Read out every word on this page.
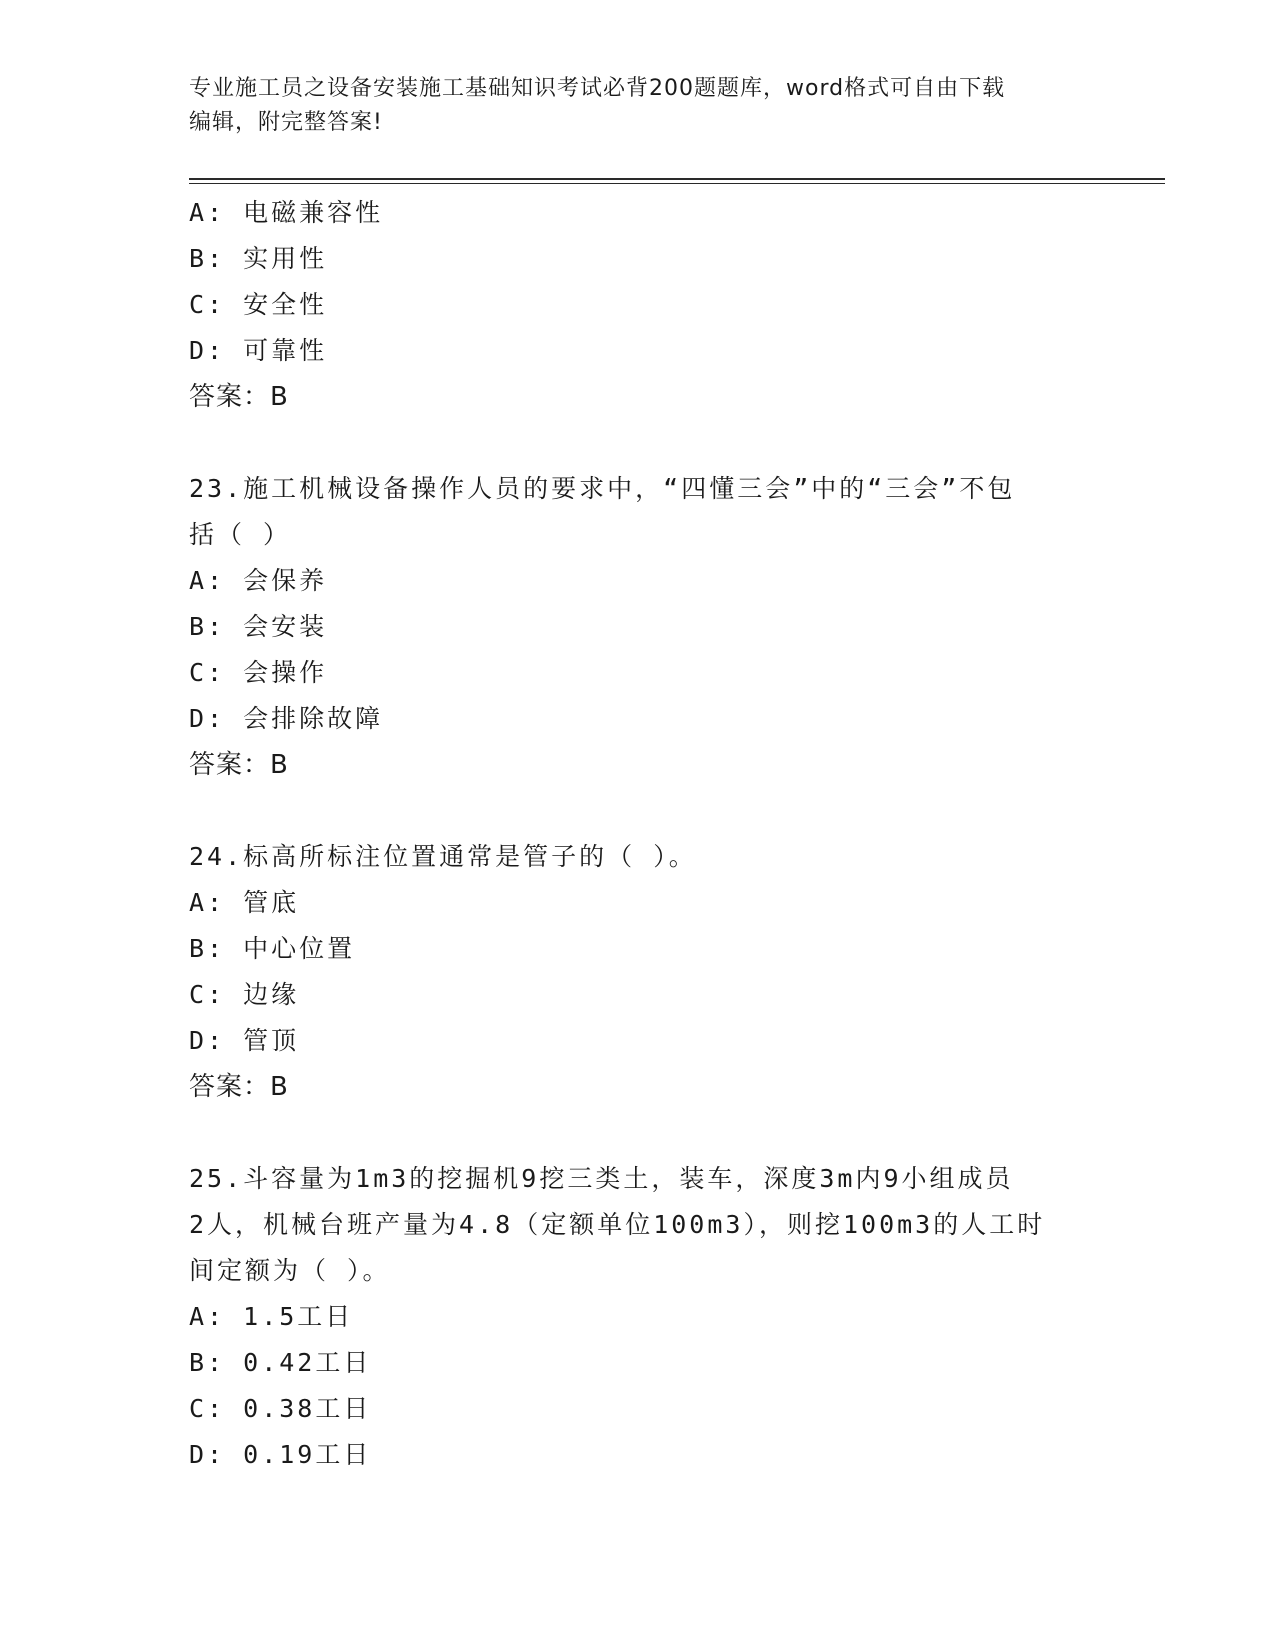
专业施工员之设备安装施工基础知识考试必背200题题库，word格式可自由下载
编辑，附完整答案!
A: 电磁兼容性
B: 实用性
C: 安全性
D: 可靠性
答案：B
23.施工机械设备操作人员的要求中，“四懂三会”中的“三会”不包
括（ ）
A: 会保养
B: 会安装
C: 会操作
D: 会排除故障
答案：B
24.标高所标注位置通常是管子的（ ）。
A: 管底
B: 中心位置
C: 边缘
D: 管顶
答案：B
25.斗容量为1m3的挖掘机9挖三类土，装车，深度3m内9小组成员
2人，机械台班产量为4.8（定额单位100m3），则挖100m3的人工时
间定额为（ ）。
A: 1.5工日
B: 0.42工日
C: 0.38工日
D: 0.19工日
